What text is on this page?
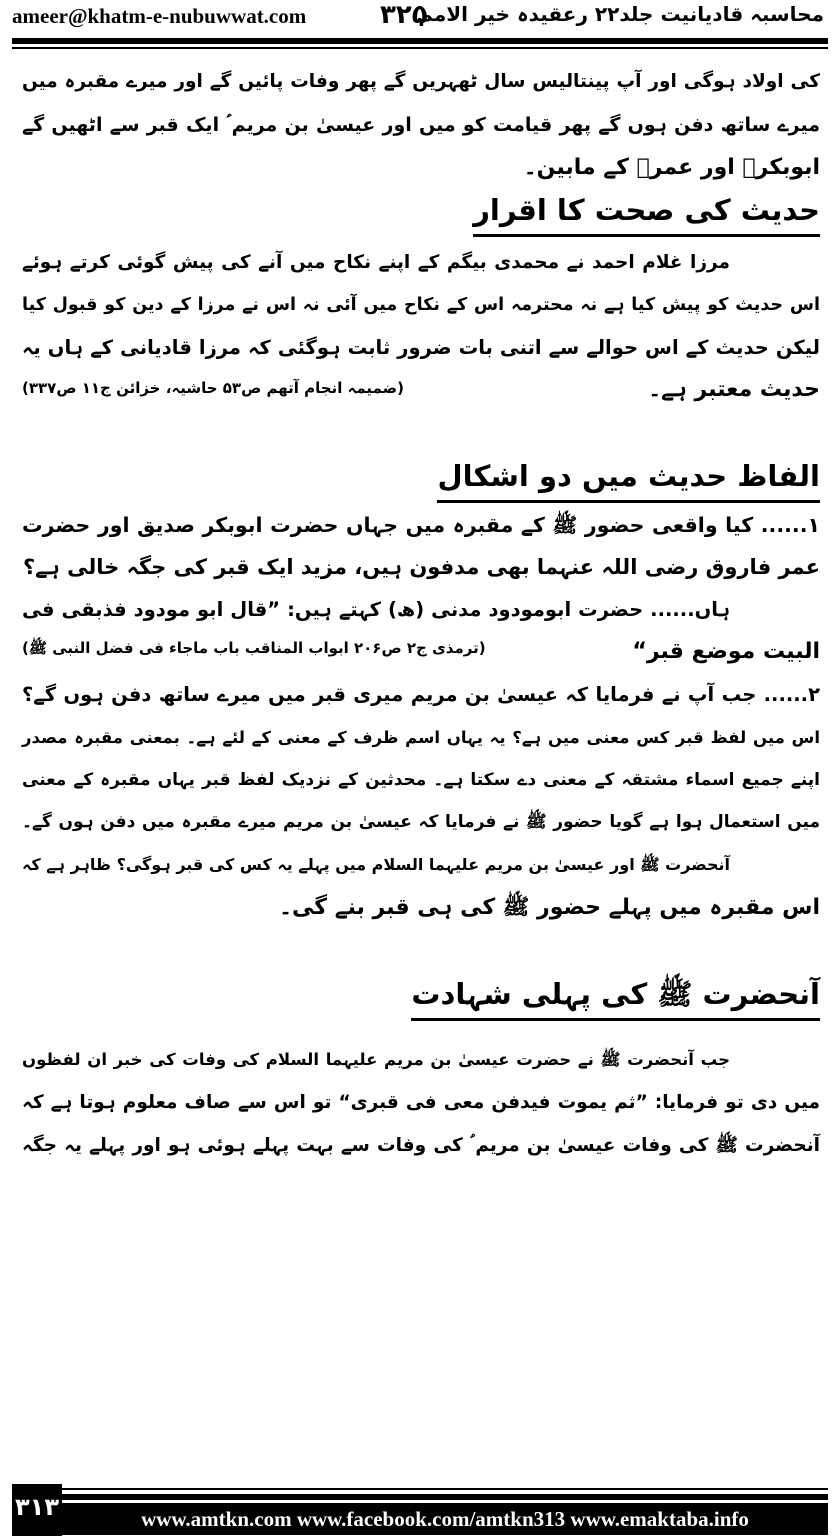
ameer@khatm-e-nubuwwat.com	۳۲۵
محاسبہ قادیانیت جلد۲۲ رعقیدہ خیر الامم
کی اولاد ہوگی اور آپ پینتالیس سال ٹھہریں گے پھر وفات پائیں گے اور میرے مقبرہ میں
میرے ساتھ دفن ہوں گے پھر قیامت کو میں اور عیسیٰ بن مریم ؑ ایک قبر سے اٹھیں گے
ابوبکرؓ اور عمرؓ کے مابین۔
حدیث کی صحت کا اقرار
مرزا غلام احمد نے محمدی بیگم کے اپنے نکاح میں آنے کی پیش گوئی کرتے ہوئے
اس حدیث کو پیش کیا ہے نہ محترمہ اس کے نکاح میں آئی نہ اس نے مرزا کے دین کو قبول کیا
لیکن حدیث کے اس حوالے سے اتنی بات ضرور ثابت ہوگئی کہ مرزا قادیانی کے ہاں یہ
حدیث معتبر ہے۔
(ضمیمہ انجام آتھم ص۵۳ حاشیہ، خزائن ج۱۱ ص۳۳۷)
الفاظ حدیث میں دو اشکال
۱...... کیا واقعی حضور ﷺ کے مقبرہ میں جہاں حضرت ابوبکر صدیق اور حضرت
عمر فاروق رضی اللہ عنہما بھی مدفون ہیں، مزید ایک قبر کی جگہ خالی ہے؟
ہاں...... حضرت ابومودود مدنی (ھ) کہتے ہیں: ”قال ابو مودود فذبقی فی
البیت موضع قبر“
(ترمذی ج۲ ص۲۰۶ ابواب المناقب باب ماجاء فی فضل النبی ﷺ)
۲...... جب آپ نے فرمایا کہ عیسیٰ بن مریم میری قبر میں میرے ساتھ دفن ہوں گے؟
اس میں لفظ قبر کس معنی میں ہے؟ یہ یہاں اسم ظرف کے معنی کے لئے ہے۔ بمعنی مقبرہ مصدر
اپنے جمیع اسماء مشتقہ کے معنی دے سکتا ہے۔ محدثین کے نزدیک لفظ قبر یہاں مقبرہ کے معنی
میں استعمال ہوا ہے گویا حضور ﷺ نے فرمایا کہ عیسیٰ بن مریم میرے مقبرہ میں دفن ہوں گے۔
آنحضرت ﷺ اور عیسیٰ بن مریم علیہما السلام میں پہلے یہ کس کی قبر ہوگی؟ ظاہر ہے کہ
اس مقبرہ میں پہلے حضور ﷺ کی ہی قبر بنے گی۔
آنحضرت ﷺ کی پہلی شہادت
جب آنحضرت ﷺ نے حضرت عیسیٰ بن مریم علیہما السلام کی وفات کی خبر ان لفظوں
میں دی تو فرمایا: ”ثم یموت فیدفن معی فی قبری“ تو اس سے صاف معلوم ہوتا ہے کہ
آنحضرت ﷺ کی وفات عیسیٰ بن مریم ؑ کی وفات سے بہت پہلے ہوئی ہو اور پہلے یہ جگہ
۳۱۳	www.amtkn.com www.facebook.com/amtkn313 www.emaktaba.info
